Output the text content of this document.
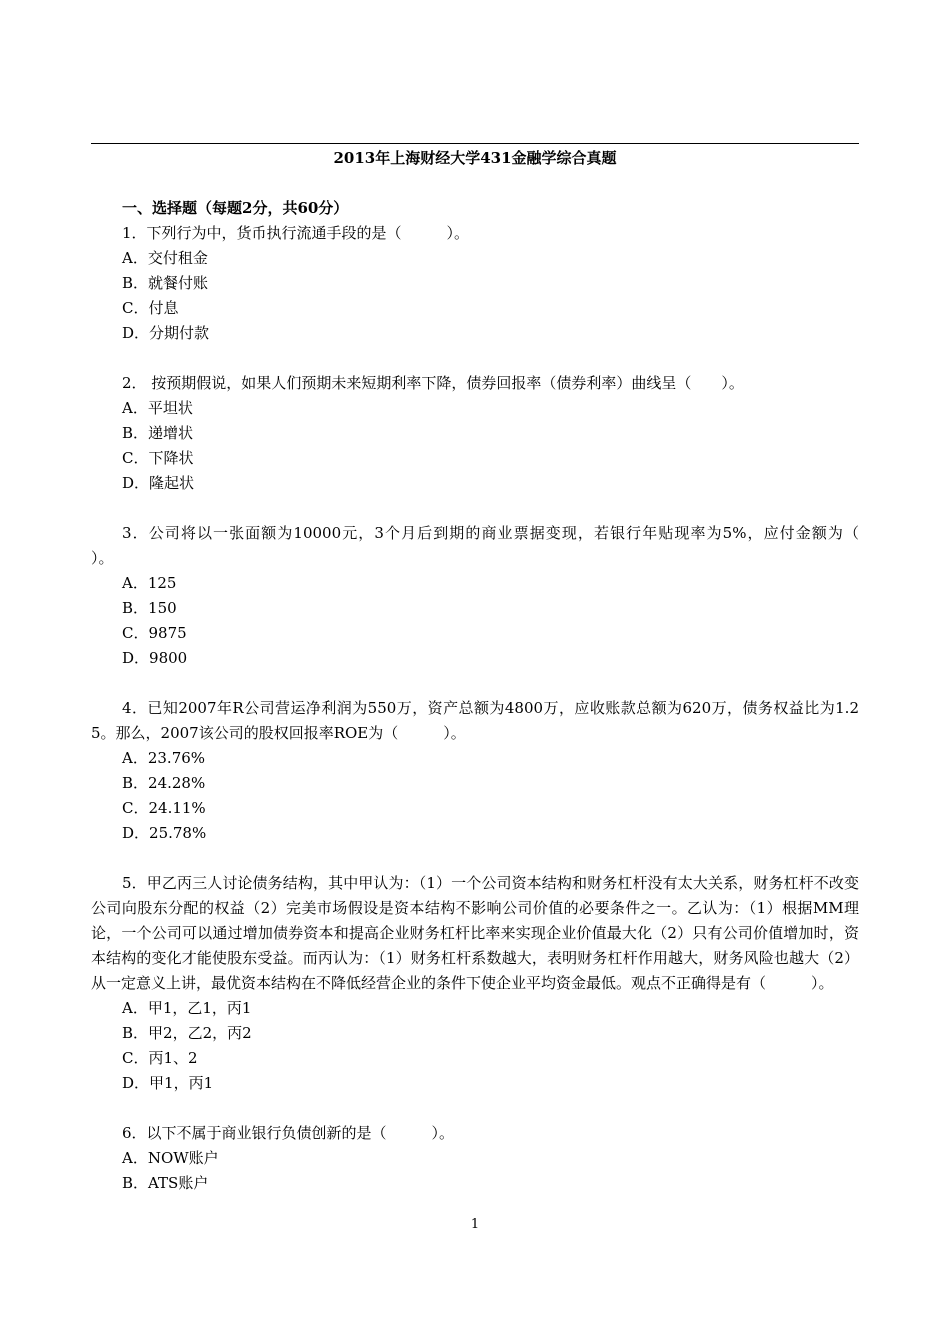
2013年上海财经大学431金融学综合真题
一、选择题（每题2分，共60分）
1．下列行为中，货币执行流通手段的是（　　　）。
A．交付租金
B．就餐付账
C．付息
D．分期付款
2． 按预期假说，如果人们预期未来短期利率下降，债券回报率（债券利率）曲线呈（　　）。
A．平坦状
B．递增状
C．下降状
D．隆起状
3．公司将以一张面额为10000元，3个月后到期的商业票据变现，若银行年贴现率为5%，应付金额为（　　　）。
A．125
B．150
C．9875
D．9800
4．已知2007年R公司营运净利润为550万，资产总额为4800万，应收账款总额为620万，债务权益比为1.25。那么，2007该公司的股权回报率ROE为（　　　）。
A．23.76%
B．24.28%
C．24.11%
D．25.78%
5．甲乙丙三人讨论债务结构，其中甲认为：（1）一个公司资本结构和财务杠杆没有太大关系，财务杠杆不改变公司向股东分配的权益（2）完美市场假设是资本结构不影响公司价值的必要条件之一。乙认为：（1）根据MM理论，一个公司可以通过增加债券资本和提高企业财务杠杆比率来实现企业价值最大化（2）只有公司价值增加时，资本结构的变化才能使股东受益。而丙认为：（1）财务杠杆系数越大，表明财务杠杆作用越大，财务风险也越大（2）从一定意义上讲，最优资本结构在不降低经营企业的条件下使企业平均资金最低。观点不正确得是有（　　　）。
A．甲1，乙1，丙1
B．甲2，乙2，丙2
C．丙1、2
D．甲1，丙1
6．以下不属于商业银行负债创新的是（　　　）。
A．NOW账户
B．ATS账户
1
